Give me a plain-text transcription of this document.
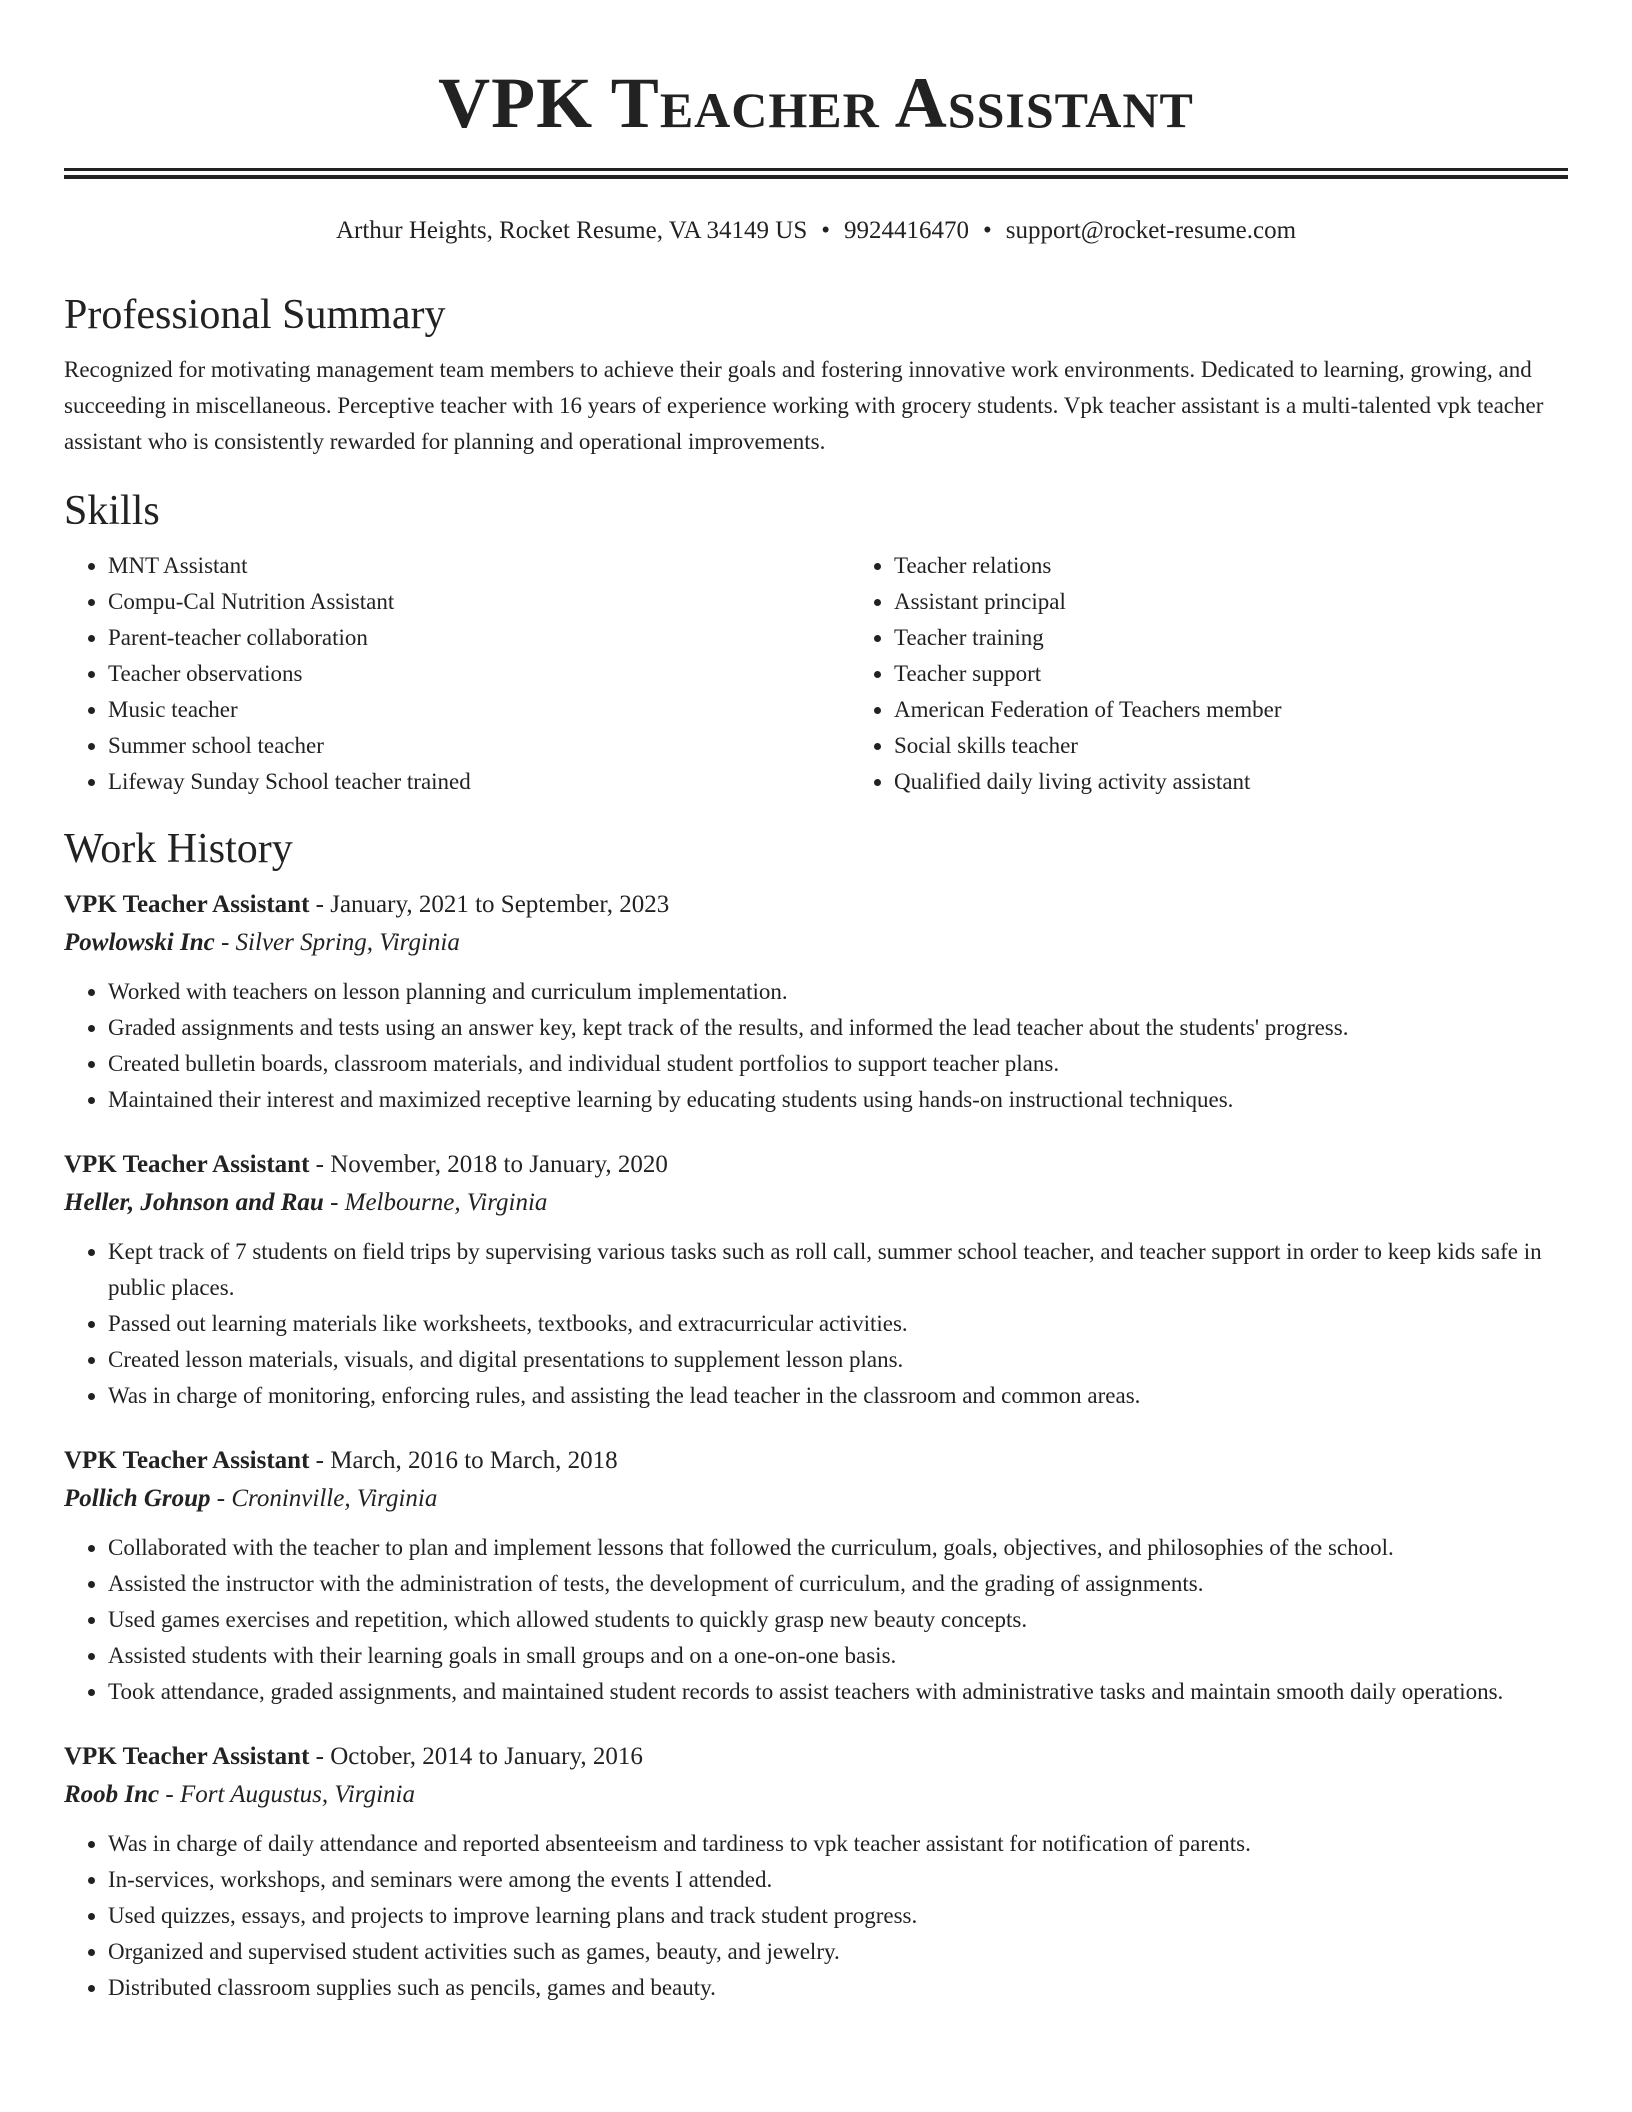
VPK Teacher Assistant
Arthur Heights, Rocket Resume, VA 34149 US • 9924416470 • support@rocket-resume.com
Professional Summary

Recognized for motivating management team members to achieve their goals and fostering innovative work environments. Dedicated to learning, growing, and succeeding in miscellaneous. Perceptive teacher with 16 years of experience working with grocery students. Vpk teacher assistant is a multi-talented vpk teacher assistant who is consistently rewarded for planning and operational improvements.

Skills
• MNT Assistant
• Compu-Cal Nutrition Assistant
• Parent-teacher collaboration
• Teacher observations
• Music teacher
• Summer school teacher
• Lifeway Sunday School teacher trained
• Teacher relations
• Assistant principal
• Teacher training
• Teacher support
• American Federation of Teachers member
• Social skills teacher
• Qualified daily living activity assistant
Work History

VPK Teacher Assistant - January, 2021 to September, 2023

Powlowski Inc - Silver Spring, Virginia

• Worked with teachers on lesson planning and curriculum implementation.
• Graded assignments and tests using an answer key, kept track of the results, and informed the lead teacher about the students' progress.
• Created bulletin boards, classroom materials, and individual student portfolios to support teacher plans.
• Maintained their interest and maximized receptive learning by educating students using hands-on instructional techniques.

VPK Teacher Assistant - November, 2018 to January, 2020

Heller, Johnson and Rau - Melbourne, Virginia

• Kept track of 7 students on field trips by supervising various tasks such as roll call, summer school teacher, and teacher support in order to keep kids safe in public places.
• Passed out learning materials like worksheets, textbooks, and extracurricular activities.
• Created lesson materials, visuals, and digital presentations to supplement lesson plans.
• Was in charge of monitoring, enforcing rules, and assisting the lead teacher in the classroom and common areas.

VPK Teacher Assistant - March, 2016 to March, 2018

Pollich Group - Croninville, Virginia

• Collaborated with the teacher to plan and implement lessons that followed the curriculum, goals, objectives, and philosophies of the school.
• Assisted the instructor with the administration of tests, the development of curriculum, and the grading of assignments.
• Used games exercises and repetition, which allowed students to quickly grasp new beauty concepts.
• Assisted students with their learning goals in small groups and on a one-on-one basis.
• Took attendance, graded assignments, and maintained student records to assist teachers with administrative tasks and maintain smooth daily operations.

VPK Teacher Assistant - October, 2014 to January, 2016

Roob Inc - Fort Augustus, Virginia

• Was in charge of daily attendance and reported absenteeism and tardiness to vpk teacher assistant for notification of parents.
• In-services, workshops, and seminars were among the events I attended.
• Used quizzes, essays, and projects to improve learning plans and track student progress.
• Organized and supervised student activities such as games, beauty, and jewelry.
• Distributed classroom supplies such as pencils, games and beauty.
